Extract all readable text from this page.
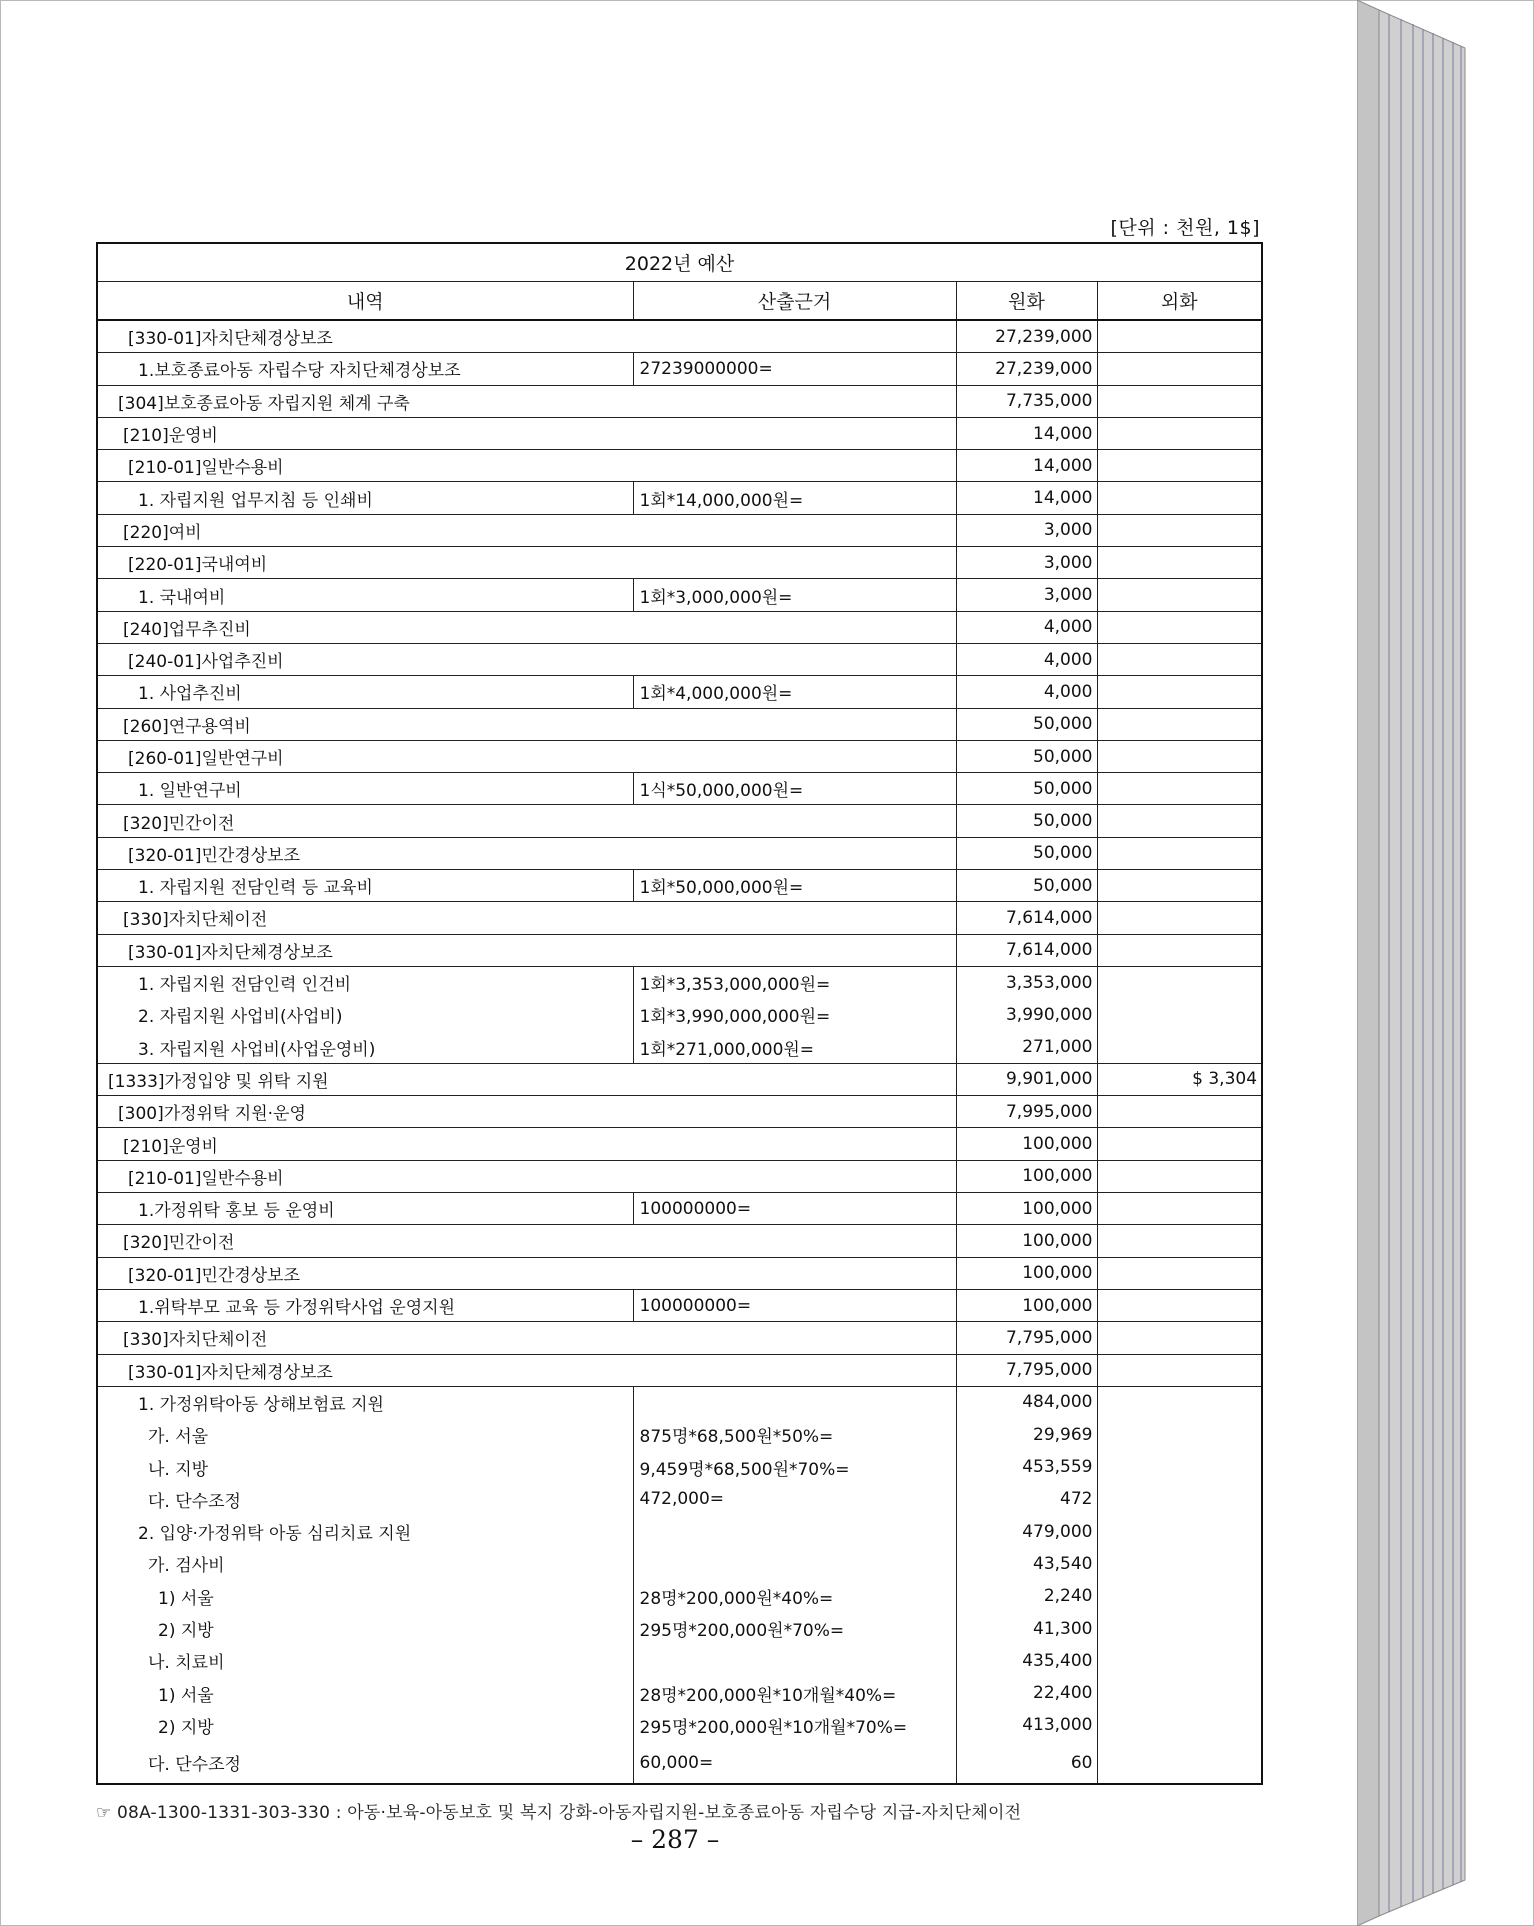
[단위 : 천원, 1$]
2022년 예산			
내역	산출근거	원화	외화
[330-01]자치단체경상보조		27,239,000	
1.보호종료아동 자립수당 자치단체경상보조	27239000000=	27,239,000	
[304]보호종료아동 자립지원 체계 구축		7,735,000	
[210]운영비		14,000	
[210-01]일반수용비		14,000	
1. 자립지원 업무지침 등 인쇄비	1회*14,000,000원=	14,000	
[220]여비		3,000	
[220-01]국내여비		3,000	
1. 국내여비	1회*3,000,000원=	3,000	
[240]업무추진비		4,000	
[240-01]사업추진비		4,000	
1. 사업추진비	1회*4,000,000원=	4,000	
[260]연구용역비		50,000	
[260-01]일반연구비		50,000	
1. 일반연구비	1식*50,000,000원=	50,000	
[320]민간이전		50,000	
[320-01]민간경상보조		50,000	
1. 자립지원 전담인력 등 교육비	1회*50,000,000원=	50,000	
[330]자치단체이전		7,614,000	
[330-01]자치단체경상보조		7,614,000	
1. 자립지원 전담인력 인건비	1회*3,353,000,000원=	3,353,000	
2. 자립지원 사업비(사업비)	1회*3,990,000,000원=	3,990,000	
3. 자립지원 사업비(사업운영비)	1회*271,000,000원=	271,000	
[1333]가정입양 및 위탁 지원		9,901,000	$ 3,304
[300]가정위탁 지원·운영		7,995,000	
[210]운영비		100,000	
[210-01]일반수용비		100,000	
1.가정위탁 홍보 등 운영비	100000000=	100,000	
[320]민간이전		100,000	
[320-01]민간경상보조		100,000	
1.위탁부모 교육 등 가정위탁사업 운영지원	100000000=	100,000	
[330]자치단체이전		7,795,000	
[330-01]자치단체경상보조		7,795,000	
1. 가정위탁아동 상해보험료 지원		484,000	
가. 서울	875명*68,500원*50%=	29,969	
나. 지방	9,459명*68,500원*70%=	453,559	
다. 단수조정	472,000=	472	
2. 입양·가정위탁 아동 심리치료 지원		479,000	
가. 검사비		43,540	
1) 서울	28명*200,000원*40%=	2,240	
2) 지방	295명*200,000원*70%=	41,300	
나. 치료비		435,400	
1) 서울	28명*200,000원*10개월*40%=	22,400	
2) 지방	295명*200,000원*10개월*70%=	413,000	
다. 단수조정	60,000=	60	
☞ 08A-1300-1331-303-330 : 아동·보육-아동보호 및 복지 강화-아동자립지원-보호종료아동 자립수당 지급-자치단체이전
– 287 –
